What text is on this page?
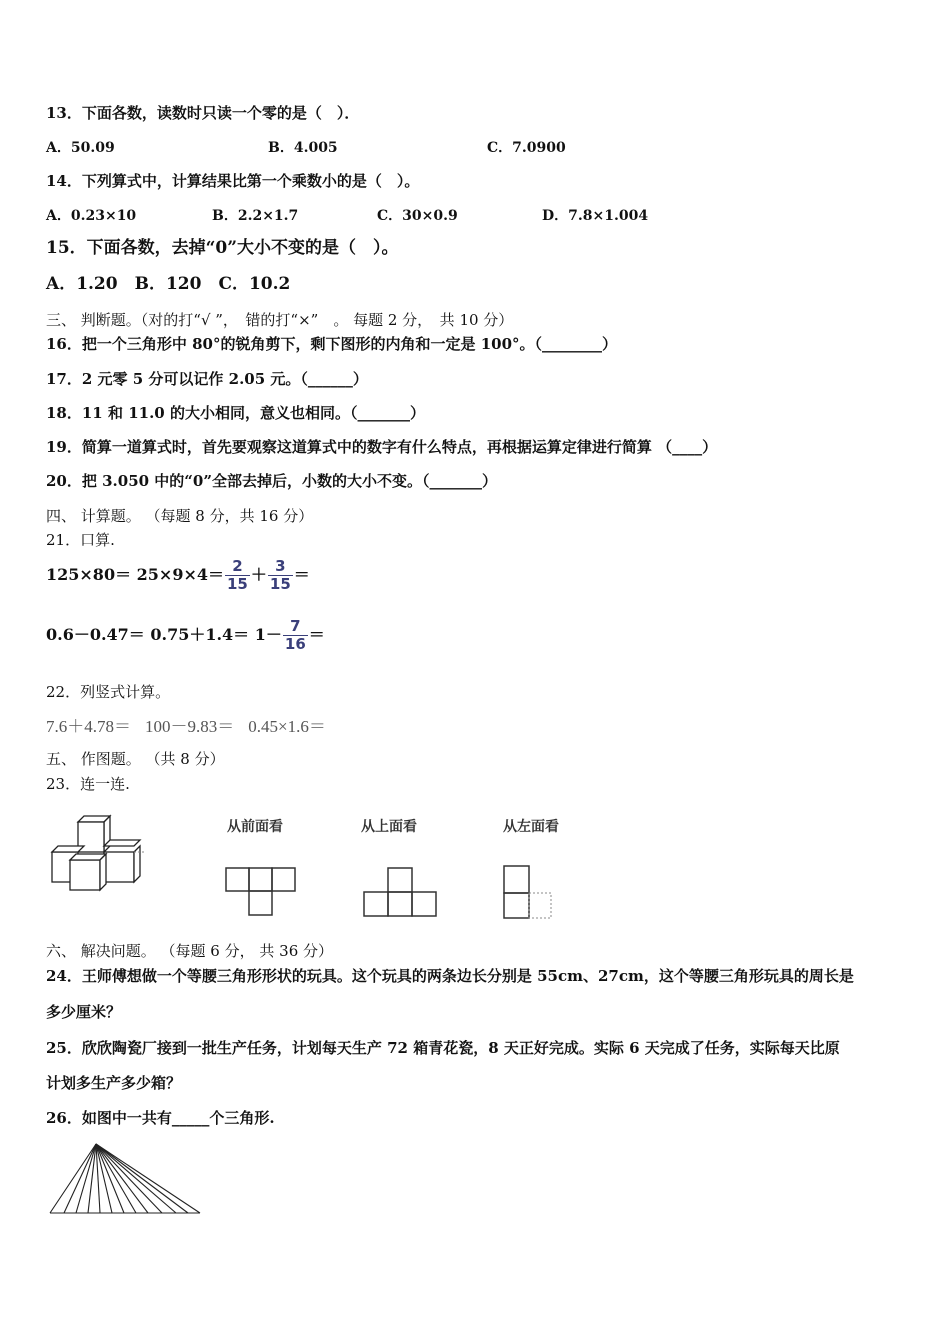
13．下面各数，读数时只读一个零的是（　）．
A．50.09	B．4.005	C．7.0900
14．下列算式中，计算结果比第一个乘数小的是（　）。
A．0.23×10	B．2.2×1.7	C．30×0.9	D．7.8×1.004
15．下面各数，去掉“0”大小不变的是（　）。
A．1.20　B．120　C．10.2
三、 判断题。（对的打“√ ”，　错的打“×”　。 每题 2 分，　共 10 分）
16．把一个三角形中 80°的锐角剪下，剩下图形的内角和一定是 100°。（________）
17．2 元零 5 分可以记作 2.05 元。（______）
18．11 和 11.0 的大小相同，意义也相同。（_______）
19．简算一道算式时，首先要观察这道算式中的数字有什么特点，再根据运算定律进行简算 （____）
20．把 3.050 中的“0”全部去掉后，小数的大小不变。（_______）
四、 计算题。 （每题 8 分，共 16 分）
21．口算.
$125\times 80= 25\times 9\times 4= \frac{2}{15} + \frac{3}{15}$ ＝
$0.6-0.47= 0.75+1.4= 1- \frac{7}{16}$ ＝
22．列竖式计算。
7.6＋4.78＝ 100－9.83＝ 0.45×1.6＝
五、 作图题。 （共 8 分）
23．连一连.
从前面看	从上面看	从左面看
六、 解决问题。 （每题 6 分， 共 36 分）
24．王师傅想做一个等腰三角形形状的玩具。这个玩具的两条边长分别是 55cm、27cm，这个等腰三角形玩具的周长是
多少厘米？
25．欣欣陶瓷厂接到一批生产任务，计划每天生产 72 箱青花瓷，8 天正好完成。实际 6 天完成了任务，实际每天比原
计划多生产多少箱？
26．如图中一共有_____个三角形.
